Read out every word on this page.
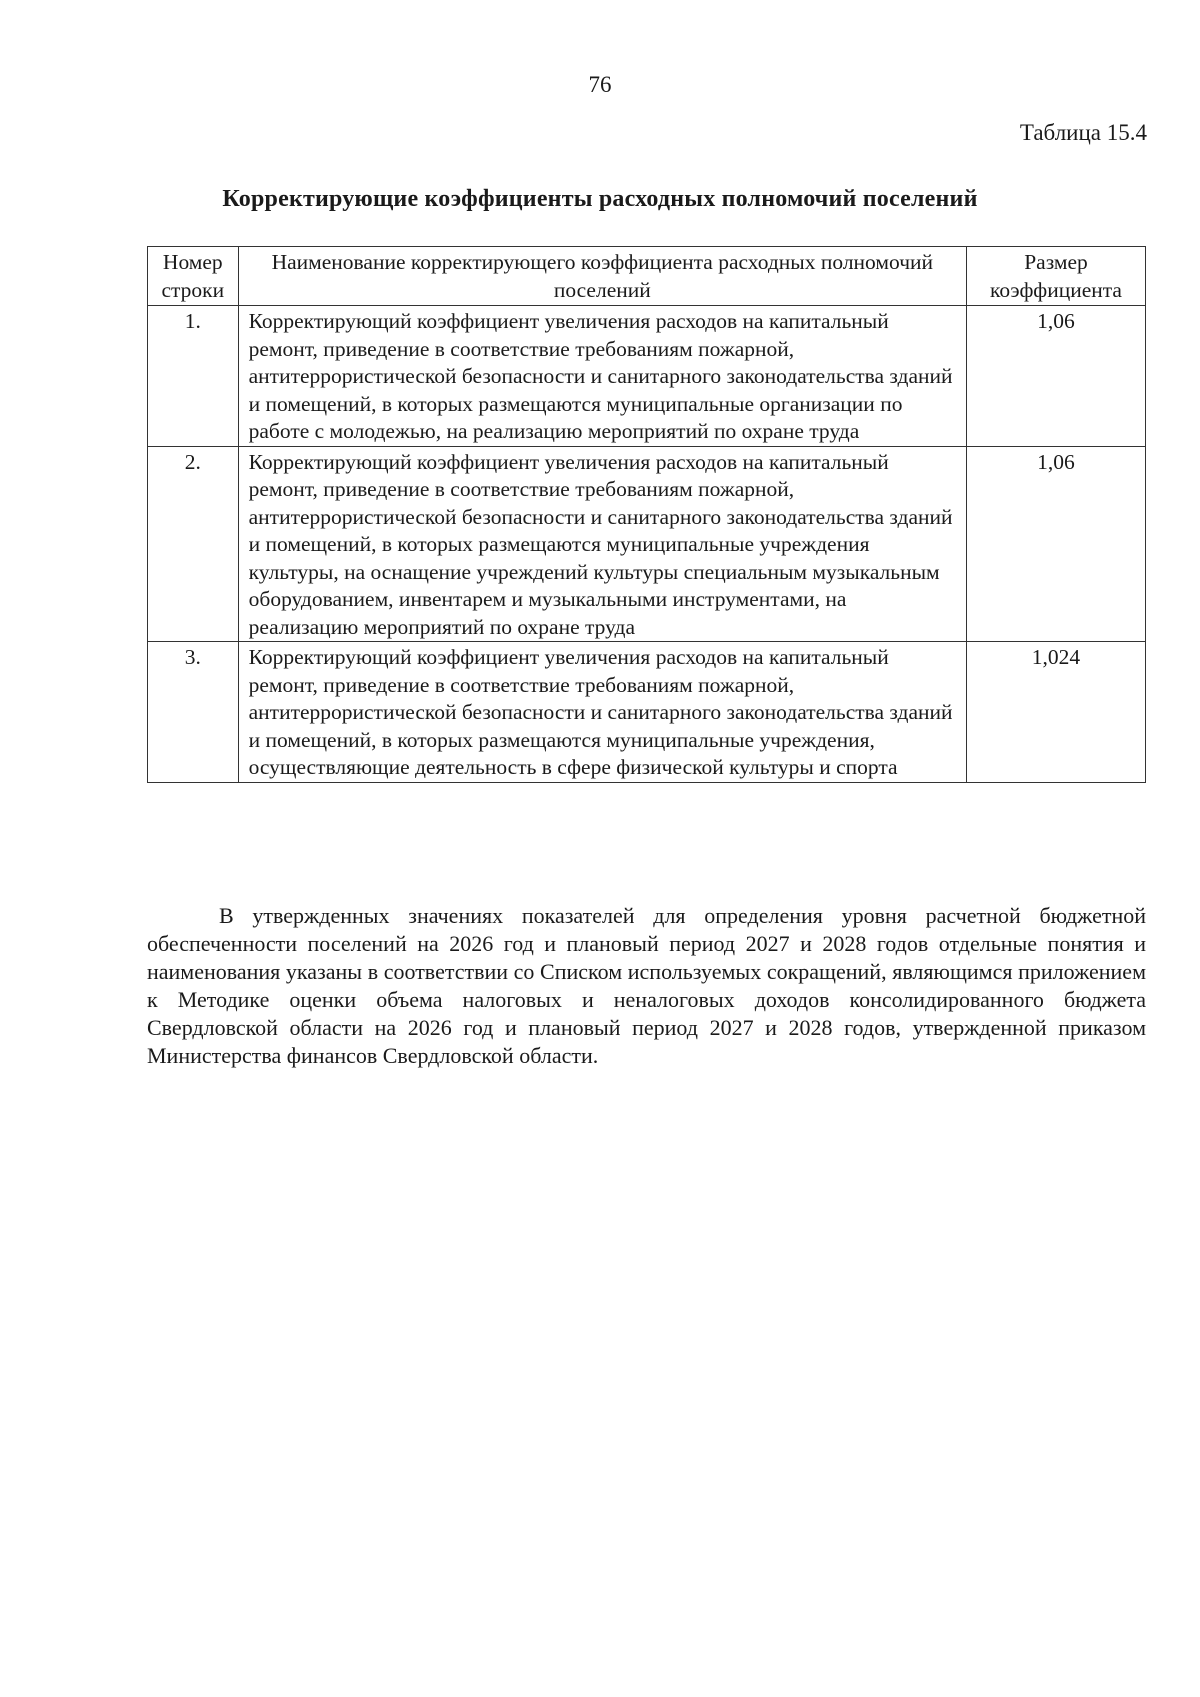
76
Таблица 15.4
Корректирующие коэффициенты расходных полномочий поселений
Номер строки	Наименование корректирующего коэффициента расходных полномочий поселений	Размер коэффициента
1.	Корректирующий коэффициент увеличения расходов на капитальный ремонт, приведение в соответствие требованиям пожарной, антитеррористической безопасности и санитарного законодательства зданий и помещений, в которых размещаются муниципальные организации по работе с молодежью, на реализацию мероприятий по охране труда	1,06
2.	Корректирующий коэффициент увеличения расходов на капитальный ремонт, приведение в соответствие требованиям пожарной, антитеррористической безопасности и санитарного законодательства зданий и помещений, в которых размещаются муниципальные учреждения культуры, на оснащение учреждений культуры специальным музыкальным оборудованием, инвентарем и музыкальными инструментами, на реализацию мероприятий по охране труда	1,06
3.	Корректирующий коэффициент увеличения расходов на капитальный ремонт, приведение в соответствие требованиям пожарной, антитеррористической безопасности и санитарного законодательства зданий и помещений, в которых размещаются муниципальные учреждения, осуществляющие деятельность в сфере физической культуры и спорта	1,024

В утвержденных значениях показателей для определения уровня расчетной бюджетной обеспеченности поселений на 2026 год и плановый период 2027 и 2028 годов отдельные понятия и наименования указаны в соответствии со Списком используемых сокращений, являющимся приложением к Методике оценки объема налоговых и неналоговых доходов консолидированного бюджета Свердловской области на 2026 год и плановый период 2027 и 2028 годов, утвержденной приказом Министерства финансов Свердловской области.
